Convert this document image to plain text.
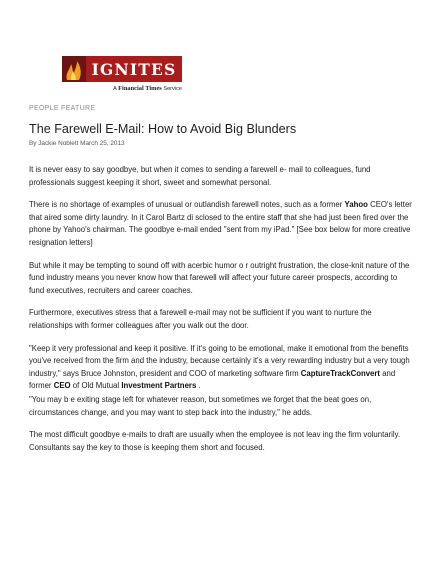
IGNITES
A Financial Times Service
PEOPLE FEATURE
The Farewell E-Mail: How to Avoid Big Blunders
By Jackie Noblett March 25, 2013

It is never easy to say goodbye, but when it comes to sending a farewell e- mail to colleagues, fund professionals suggest keeping it short, sweet and somewhat personal.

There is no shortage of examples of unusual or outlandish farewell notes, such as a former Yahoo CEO's letter that aired some dirty laundry. In it Carol Bartz di sclosed to the entire staff that she had just been fired over the phone by Yahoo's chairman. The goodbye e-mail ended "sent from my iPad." [See box below for more creative resignation letters]

But while it may be tempting to sound off with acerbic humor o r outright frustration, the close-knit nature of the fund industry means you never know how that farewell will affect your future career prospects, according to fund executives, recruiters and career coaches.

Furthermore, executives stress that a farewell e-mail may not be sufficient if you want to nurture the relationships with former colleagues after you walk out the door.

"Keep it very professional and keep it positive. If it's going to be emotional, make it emotional from the benefits you've received from the firm and the industry, because certainly it's a very rewarding industry but a very tough industry," says Bruce Johnston, president and COO of marketing software firm CaptureTrackConvert and former CEO of Old Mutual Investment Partners .

"You may b e exiting stage left for whatever reason, but sometimes we forget that the beat goes on, circumstances change, and you may want to step back into the industry," he adds.

The most difficult goodbye e-mails to draft are usually when the employee is not leav ing the firm voluntarily. Consultants say the key to those is keeping them short and focused.
